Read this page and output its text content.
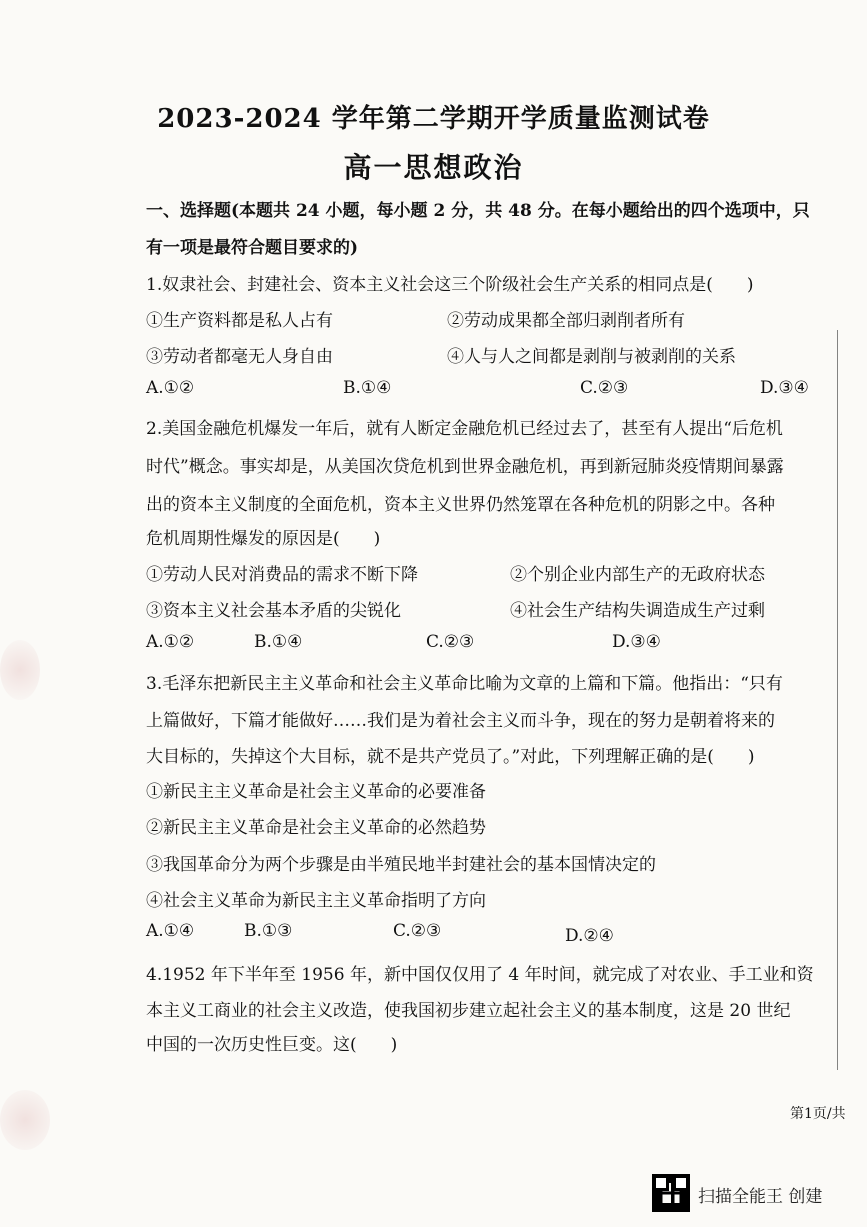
2023-2024 学年第二学期开学质量监测试卷
高一思想政治
一、选择题(本题共 24 小题，每小题 2 分，共 48 分。在每小题给出的四个选项中，只
有一项是最符合题目要求的)
1.奴隶社会、封建社会、资本主义社会这三个阶级社会生产关系的相同点是(　　)
①生产资料都是私人占有	②劳动成果都全部归剥削者所有
③劳动者都毫无人身自由	④人与人之间都是剥削与被剥削的关系
A.①②	B.①④	C.②③	D.③④
2.美国金融危机爆发一年后，就有人断定金融危机已经过去了，甚至有人提出“后危机
时代”概念。事实却是，从美国次贷危机到世界金融危机，再到新冠肺炎疫情期间暴露
出的资本主义制度的全面危机，资本主义世界仍然笼罩在各种危机的阴影之中。各种
危机周期性爆发的原因是(　　)
①劳动人民对消费品的需求不断下降	②个别企业内部生产的无政府状态
③资本主义社会基本矛盾的尖锐化	④社会生产结构失调造成生产过剩
A.①②	B.①④	C.②③	D.③④
3.毛泽东把新民主主义革命和社会主义革命比喻为文章的上篇和下篇。他指出：“只有
上篇做好，下篇才能做好……我们是为着社会主义而斗争，现在的努力是朝着将来的
大目标的，失掉这个大目标，就不是共产党员了。”对此，下列理解正确的是(　　)
①新民主主义革命是社会主义革命的必要准备
②新民主主义革命是社会主义革命的必然趋势
③我国革命分为两个步骤是由半殖民地半封建社会的基本国情决定的
④社会主义革命为新民主主义革命指明了方向
A.①④	B.①③	C.②③	D.②④
4.1952 年下半年至 1956 年，新中国仅仅用了 4 年时间，就完成了对农业、手工业和资
本主义工商业的社会主义改造，使我国初步建立起社会主义的基本制度，这是 20 世纪
中国的一次历史性巨变。这(　　)
第1页/共
扫描全能王 创建
